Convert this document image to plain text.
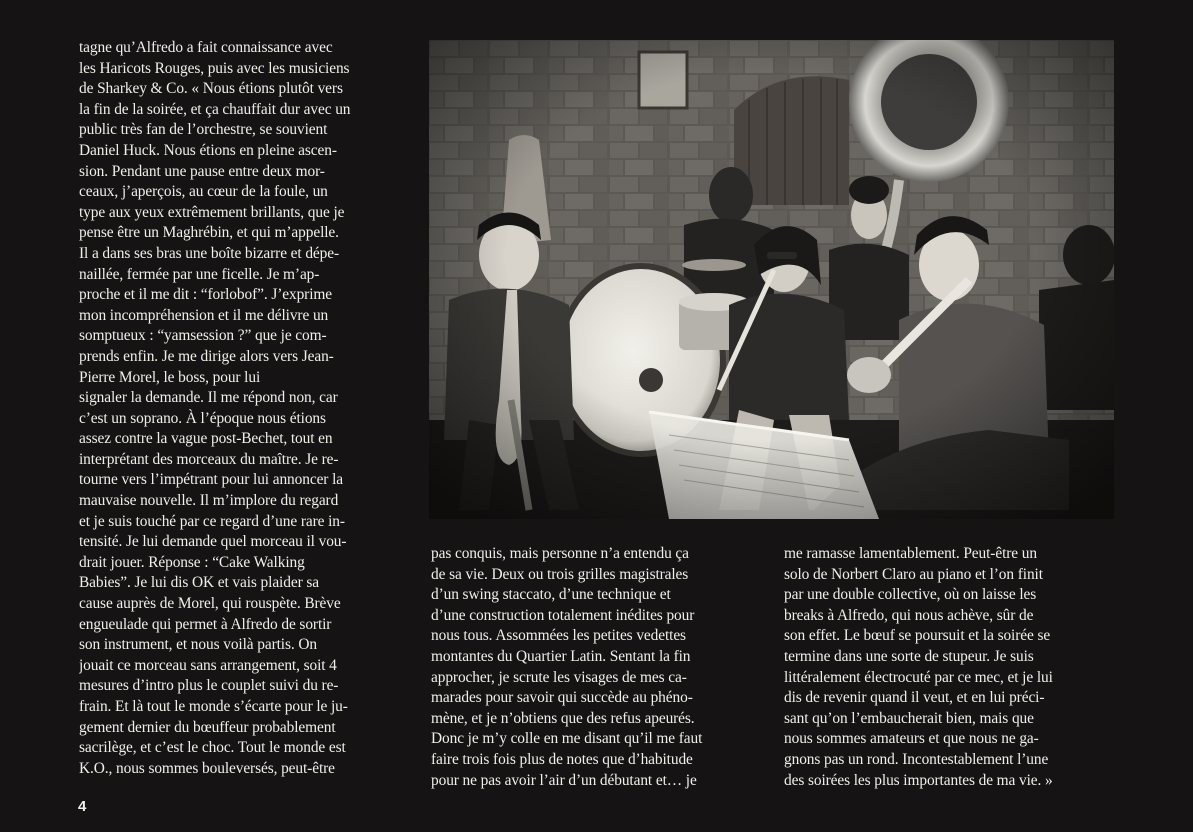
tagne qu’Alfredo a fait connaissance avec
les Haricots Rouges, puis avec les musiciens
de Sharkey & Co. « Nous étions plutôt vers
la fin de la soirée, et ça chauffait dur avec un
public très fan de l’orchestre, se souvient
Daniel Huck. Nous étions en pleine ascen-
sion. Pendant une pause entre deux mor-
ceaux, j’aperçois, au cœur de la foule, un
type aux yeux extrêmement brillants, que je
pense être un Maghrébin, et qui m’appelle.
Il a dans ses bras une boîte bizarre et dépe-
naillée, fermée par une ficelle. Je m’ap-
proche et il me dit : “forlobof”. J’exprime
mon incompréhension et il me délivre un
somptueux : “yamsession ?” que je com-
prends enfin. Je me dirige alors vers Jean-
Pierre Morel, le boss, pour lui
signaler la demande. Il me répond non, car
c’est un soprano. À l’époque nous étions
assez contre la vague post-Bechet, tout en
interprétant des morceaux du maître. Je re-
tourne vers l’impétrant pour lui annoncer la
mauvaise nouvelle. Il m’implore du regard
et je suis touché par ce regard d’une rare in-
tensité. Je lui demande quel morceau il vou-
drait jouer. Réponse : “Cake Walking
Babies”. Je lui dis OK et vais plaider sa
cause auprès de Morel, qui rouspète. Brève
engueulade qui permet à Alfredo de sortir
son instrument, et nous voilà partis. On
jouait ce morceau sans arrangement, soit 4
mesures d’intro plus le couplet suivi du re-
frain. Et là tout le monde s’écarte pour le ju-
gement dernier du bœuffeur probablement
sacrilège, et c’est le choc. Tout le monde est
K.O., nous sommes bouleversés, peut-être
pas conquis, mais personne n’a entendu ça
de sa vie. Deux ou trois grilles magistrales
d’un swing staccato, d’une technique et
d’une construction totalement inédites pour
nous tous. Assommées les petites vedettes
montantes du Quartier Latin. Sentant la fin
approcher, je scrute les visages de mes ca-
marades pour savoir qui succède au phéno-
mène, et je n’obtiens que des refus apeurés.
Donc je m’y colle en me disant qu’il me faut
faire trois fois plus de notes que d’habitude
pour ne pas avoir l’air d’un débutant et… je
me ramasse lamentablement. Peut-être un
solo de Norbert Claro au piano et l’on finit
par une double collective, où on laisse les
breaks à Alfredo, qui nous achève, sûr de
son effet. Le bœuf se poursuit et la soirée se
termine dans une sorte de stupeur. Je suis
littéralement électrocuté par ce mec, et je lui
dis de revenir quand il veut, et en lui préci-
sant qu’on l’embaucherait bien, mais que
nous sommes amateurs et que nous ne ga-
gnons pas un rond. Incontestablement l’une
des soirées les plus importantes de ma vie. »
4
